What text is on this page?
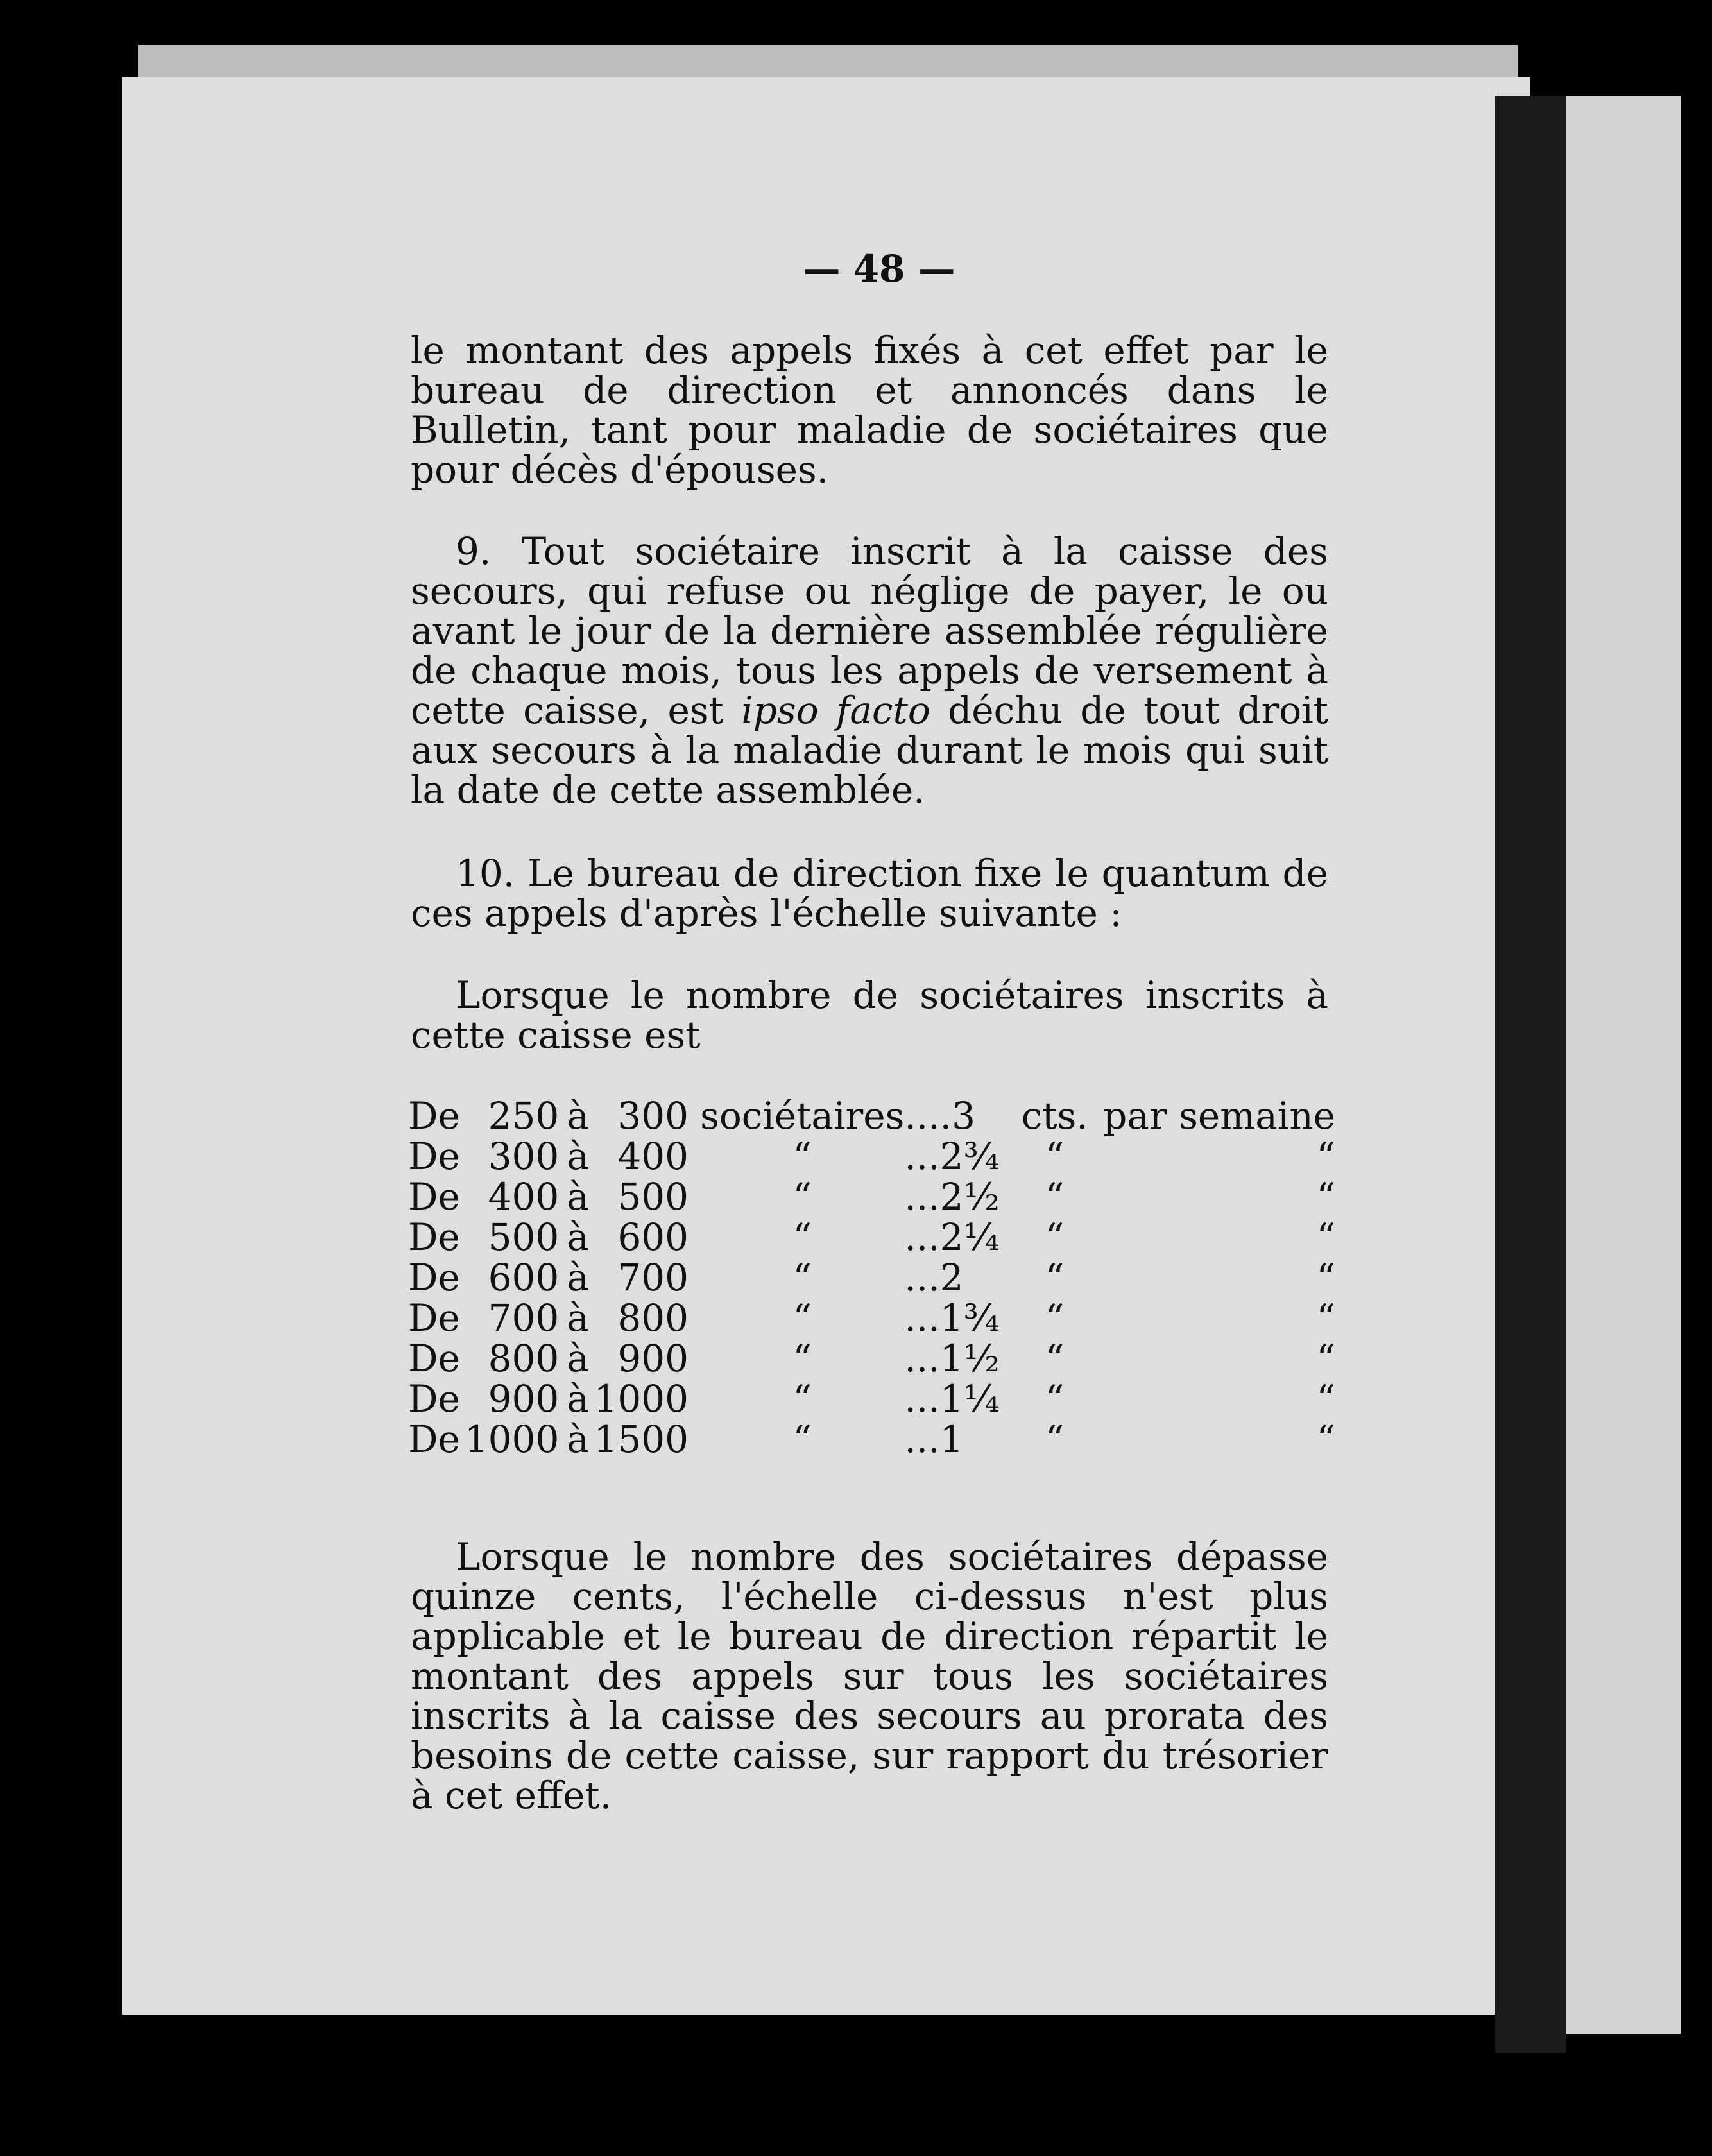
— 48 —

le montant des appels fixés à cet effet par le bureau de direction et annoncés dans le Bulletin, tant pour maladie de sociétaires que pour décès d'épouses.

9. Tout sociétaire inscrit à la caisse des secours, qui refuse ou néglige de payer, le ou avant le jour de la dernière assemblée régulière de chaque mois, tous les appels de versement à cette caisse, est ipso facto déchu de tout droit aux secours à la maladie durant le mois qui suit la date de cette assemblée.

10. Le bureau de direction fixe le quantum de ces appels d'après l'échelle suivante :

Lorsque le nombre de sociétaires inscrits à cette caisse est

De	250	à	300	sociétaires	....3	cts.	par semaine
De	300	à	400	“	...2¾	“	“
De	400	à	500	“	...2½	“	“
De	500	à	600	“	...2¼	“	“
De	600	à	700	“	...2	“	“
De	700	à	800	“	...1¾	“	“
De	800	à	900	“	...1½	“	“
De	900	à	1000	“	...1¼	“	“
De	1000	à	1500	“	...1	“	“

Lorsque le nombre des sociétaires dépasse quinze cents, l'échelle ci-dessus n'est plus applicable et le bureau de direction répartit le montant des appels sur tous les sociétaires inscrits à la caisse des secours au prorata des besoins de cette caisse, sur rapport du trésorier à cet effet.
